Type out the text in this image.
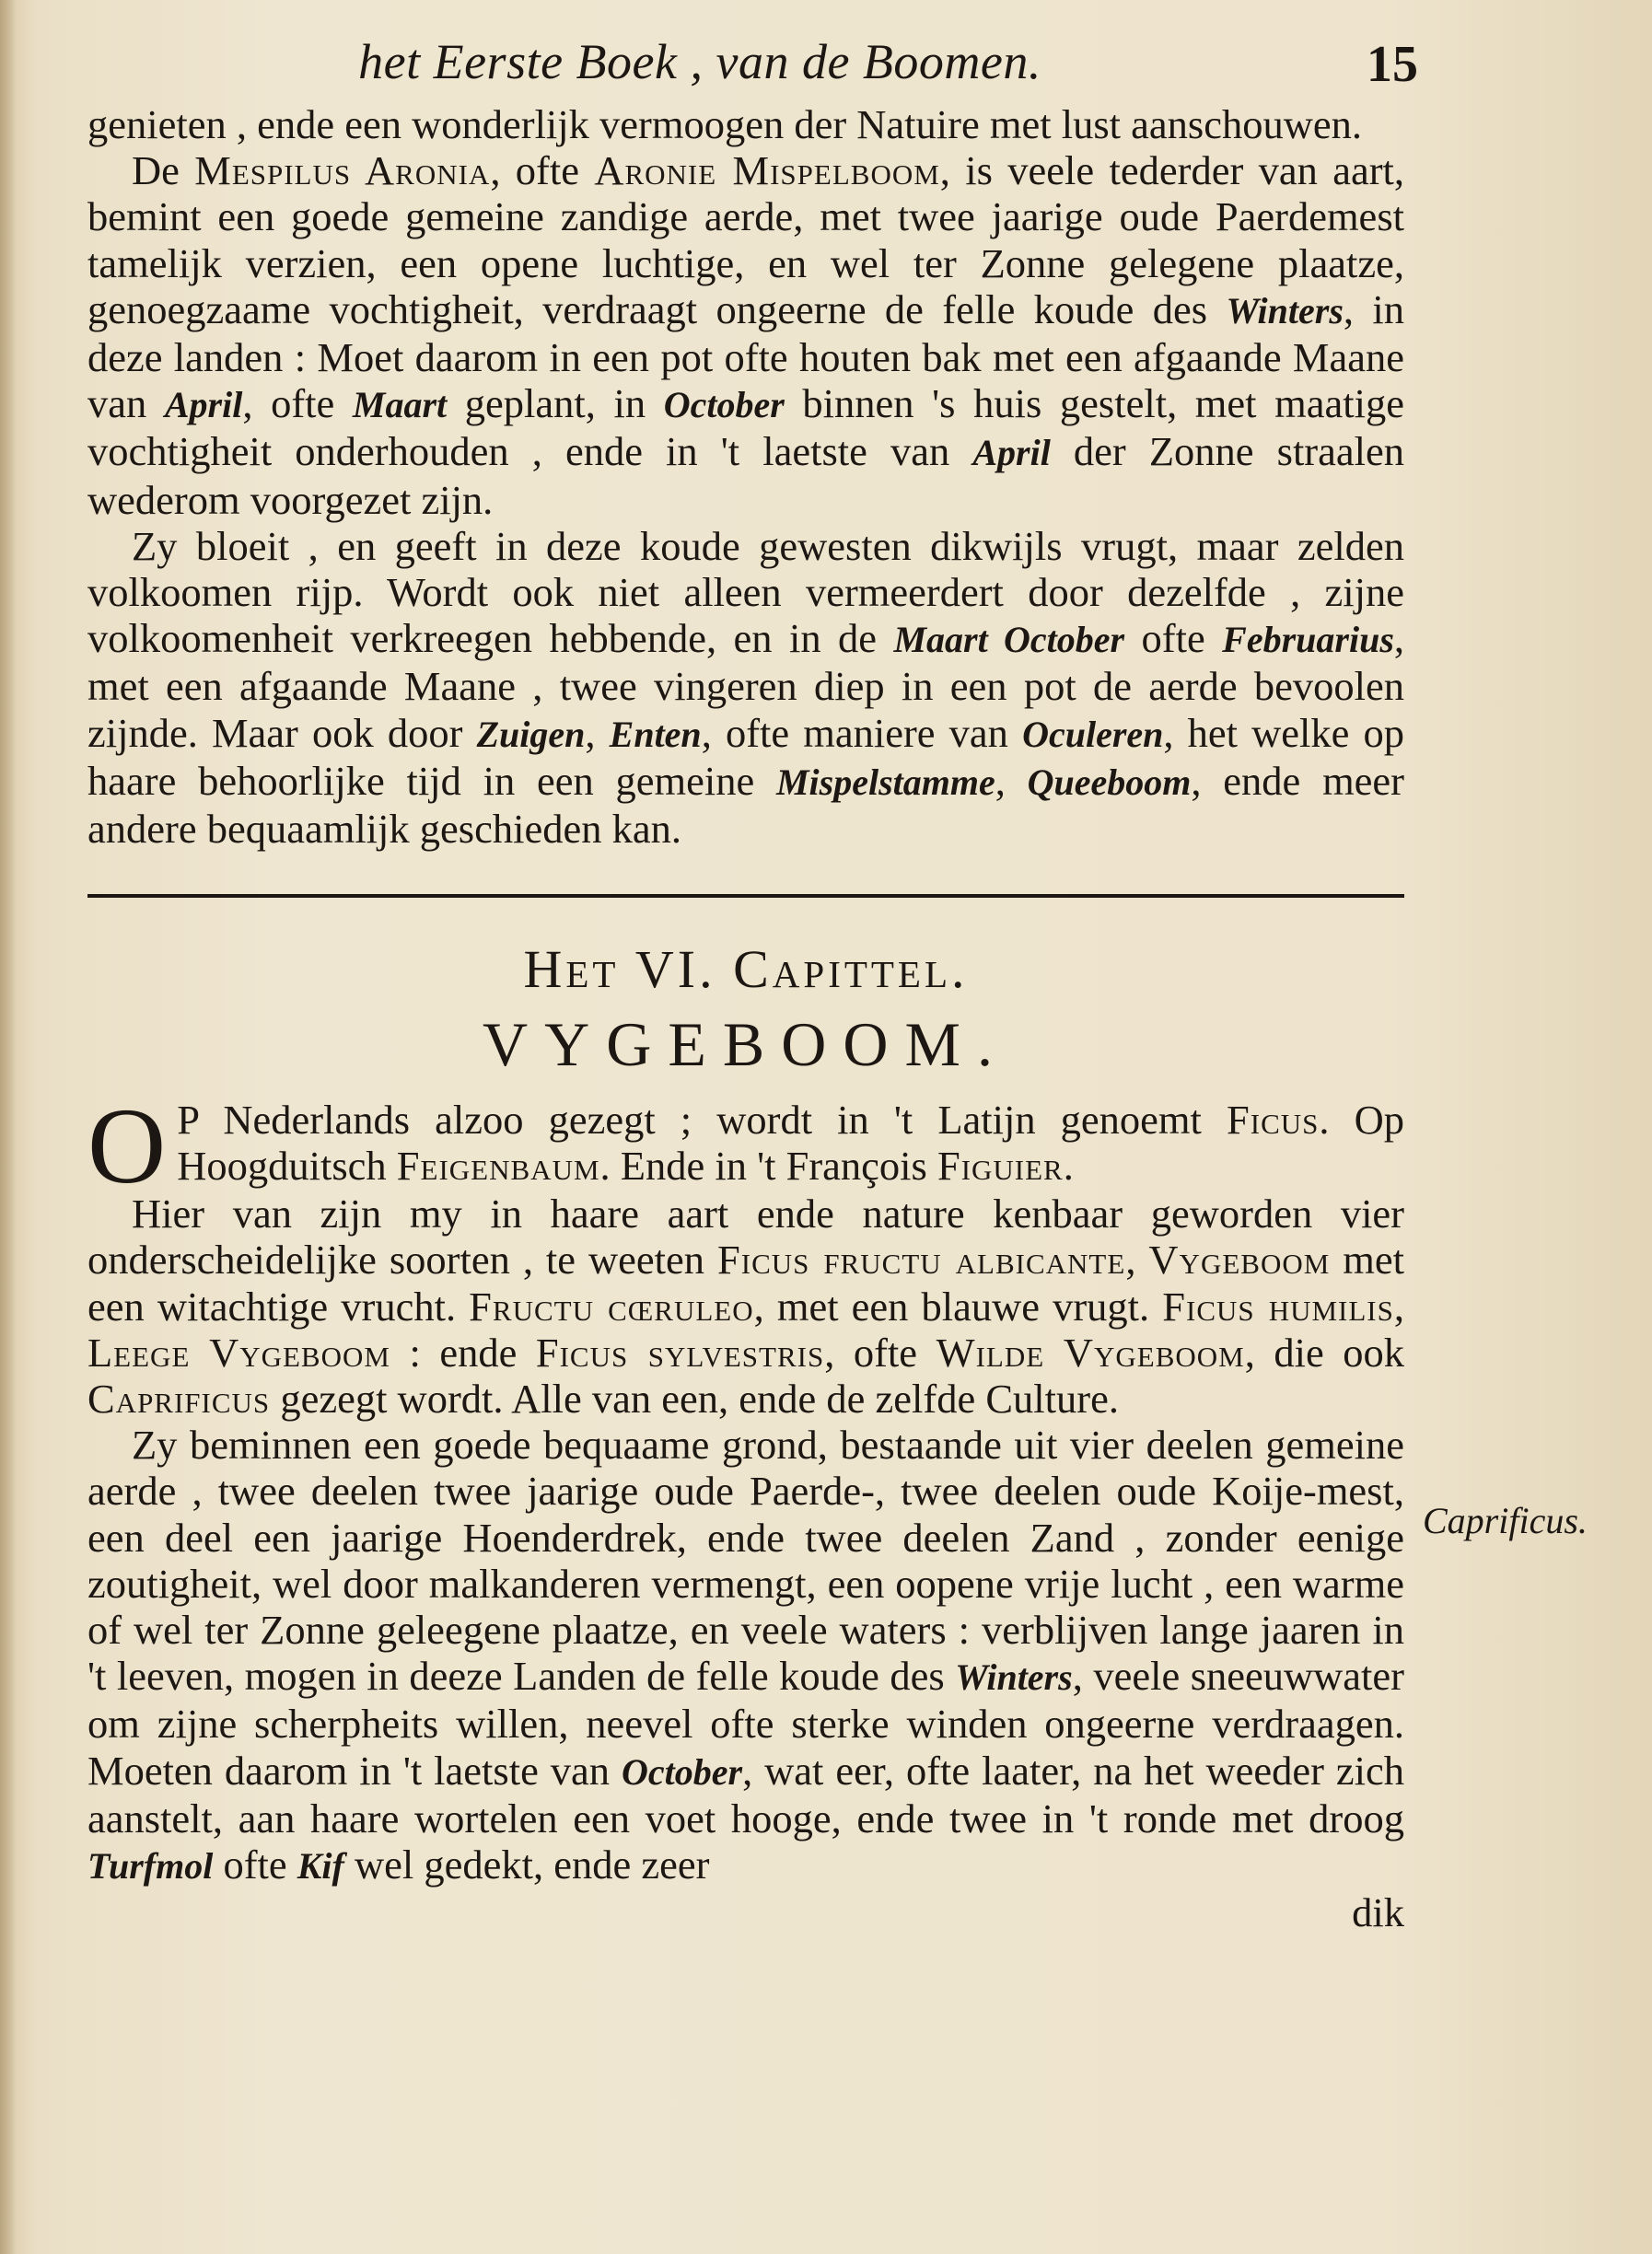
het Eerste Boek , van de Boomen.	15

genieten , ende een wonderlijk vermoogen der Natuire met lust aanschouwen.

De Mespilus Aronia, ofte Aronie Mispelboom, is veele tederder van aart, bemint een goede gemeine zandige aerde, met twee jaarige oude Paerdemest tamelijk verzien, een opene luchtige, en wel ter Zonne gelegene plaatze, genoegzaame vochtigheit, verdraagt ongeerne de felle koude des Winters, in deze landen : Moet daarom in een pot ofte houten bak met een afgaande Maane van April, ofte Maart geplant, in October binnen 's huis gestelt, met maatige vochtigheit onderhouden , ende in 't laetste van April der Zonne straalen wederom voorgezet zijn.

Zy bloeit , en geeft in deze koude gewesten dikwijls vrugt, maar zelden volkoomen rijp. Wordt ook niet alleen vermeerdert door dezelfde , zijne volkoomenheit verkreegen hebbende, en in de Maart October ofte Februarius, met een afgaande Maane , twee vingeren diep in een pot de aerde bevoolen zijnde. Maar ook door Zuigen, Enten, ofte maniere van Oculeren, het welke op haare behoorlijke tijd in een gemeine Mispelstamme, Queeboom, ende meer andere bequaamlijk geschieden kan.

Het VI. Capittel.
VYGEBOOM.

O P Nederlands alzoo gezegt ; wordt in 't Latijn genoemt Ficus. Op Hoogduitsch Feigenbaum. Ende in 't François Figuier.

Hier van zijn my in haare aart ende nature kenbaar geworden vier onderscheidelijke soorten , te weeten Ficus fructu albicante, Vygeboom met een witachtige vrucht. Fructu cœruleo, met een blauwe vrugt. Ficus humilis, Leege Vygeboom : ende Ficus sylvestris, ofte Wilde Vygeboom, die ook Caprificus gezegt wordt. Alle van een, ende de zelfde Culture.

Zy beminnen een goede bequaame grond, bestaande uit vier deelen gemeine aerde , twee deelen twee jaarige oude Paerde-, twee deelen oude Koije-mest, een deel een jaarige Hoenderdrek, ende twee deelen Zand , zonder eenige zoutigheit, wel door malkanderen vermengt, een oopene vrije lucht , een warme of wel ter Zonne geleegene plaatze, en veele waters : verblijven lange jaaren in 't leeven, mogen in deeze Landen de felle koude des Winters, veele sneeuwwater om zijne scherpheits willen, neevel ofte sterke winden ongeerne verdraagen. Moeten daarom in 't laetste van October, wat eer, ofte laater, na het weeder zich aanstelt, aan haare wortelen een voet hooge, ende twee in 't ronde met droog Turfmol ofte Kif wel gedekt, ende zeer

dik

Caprificus.
